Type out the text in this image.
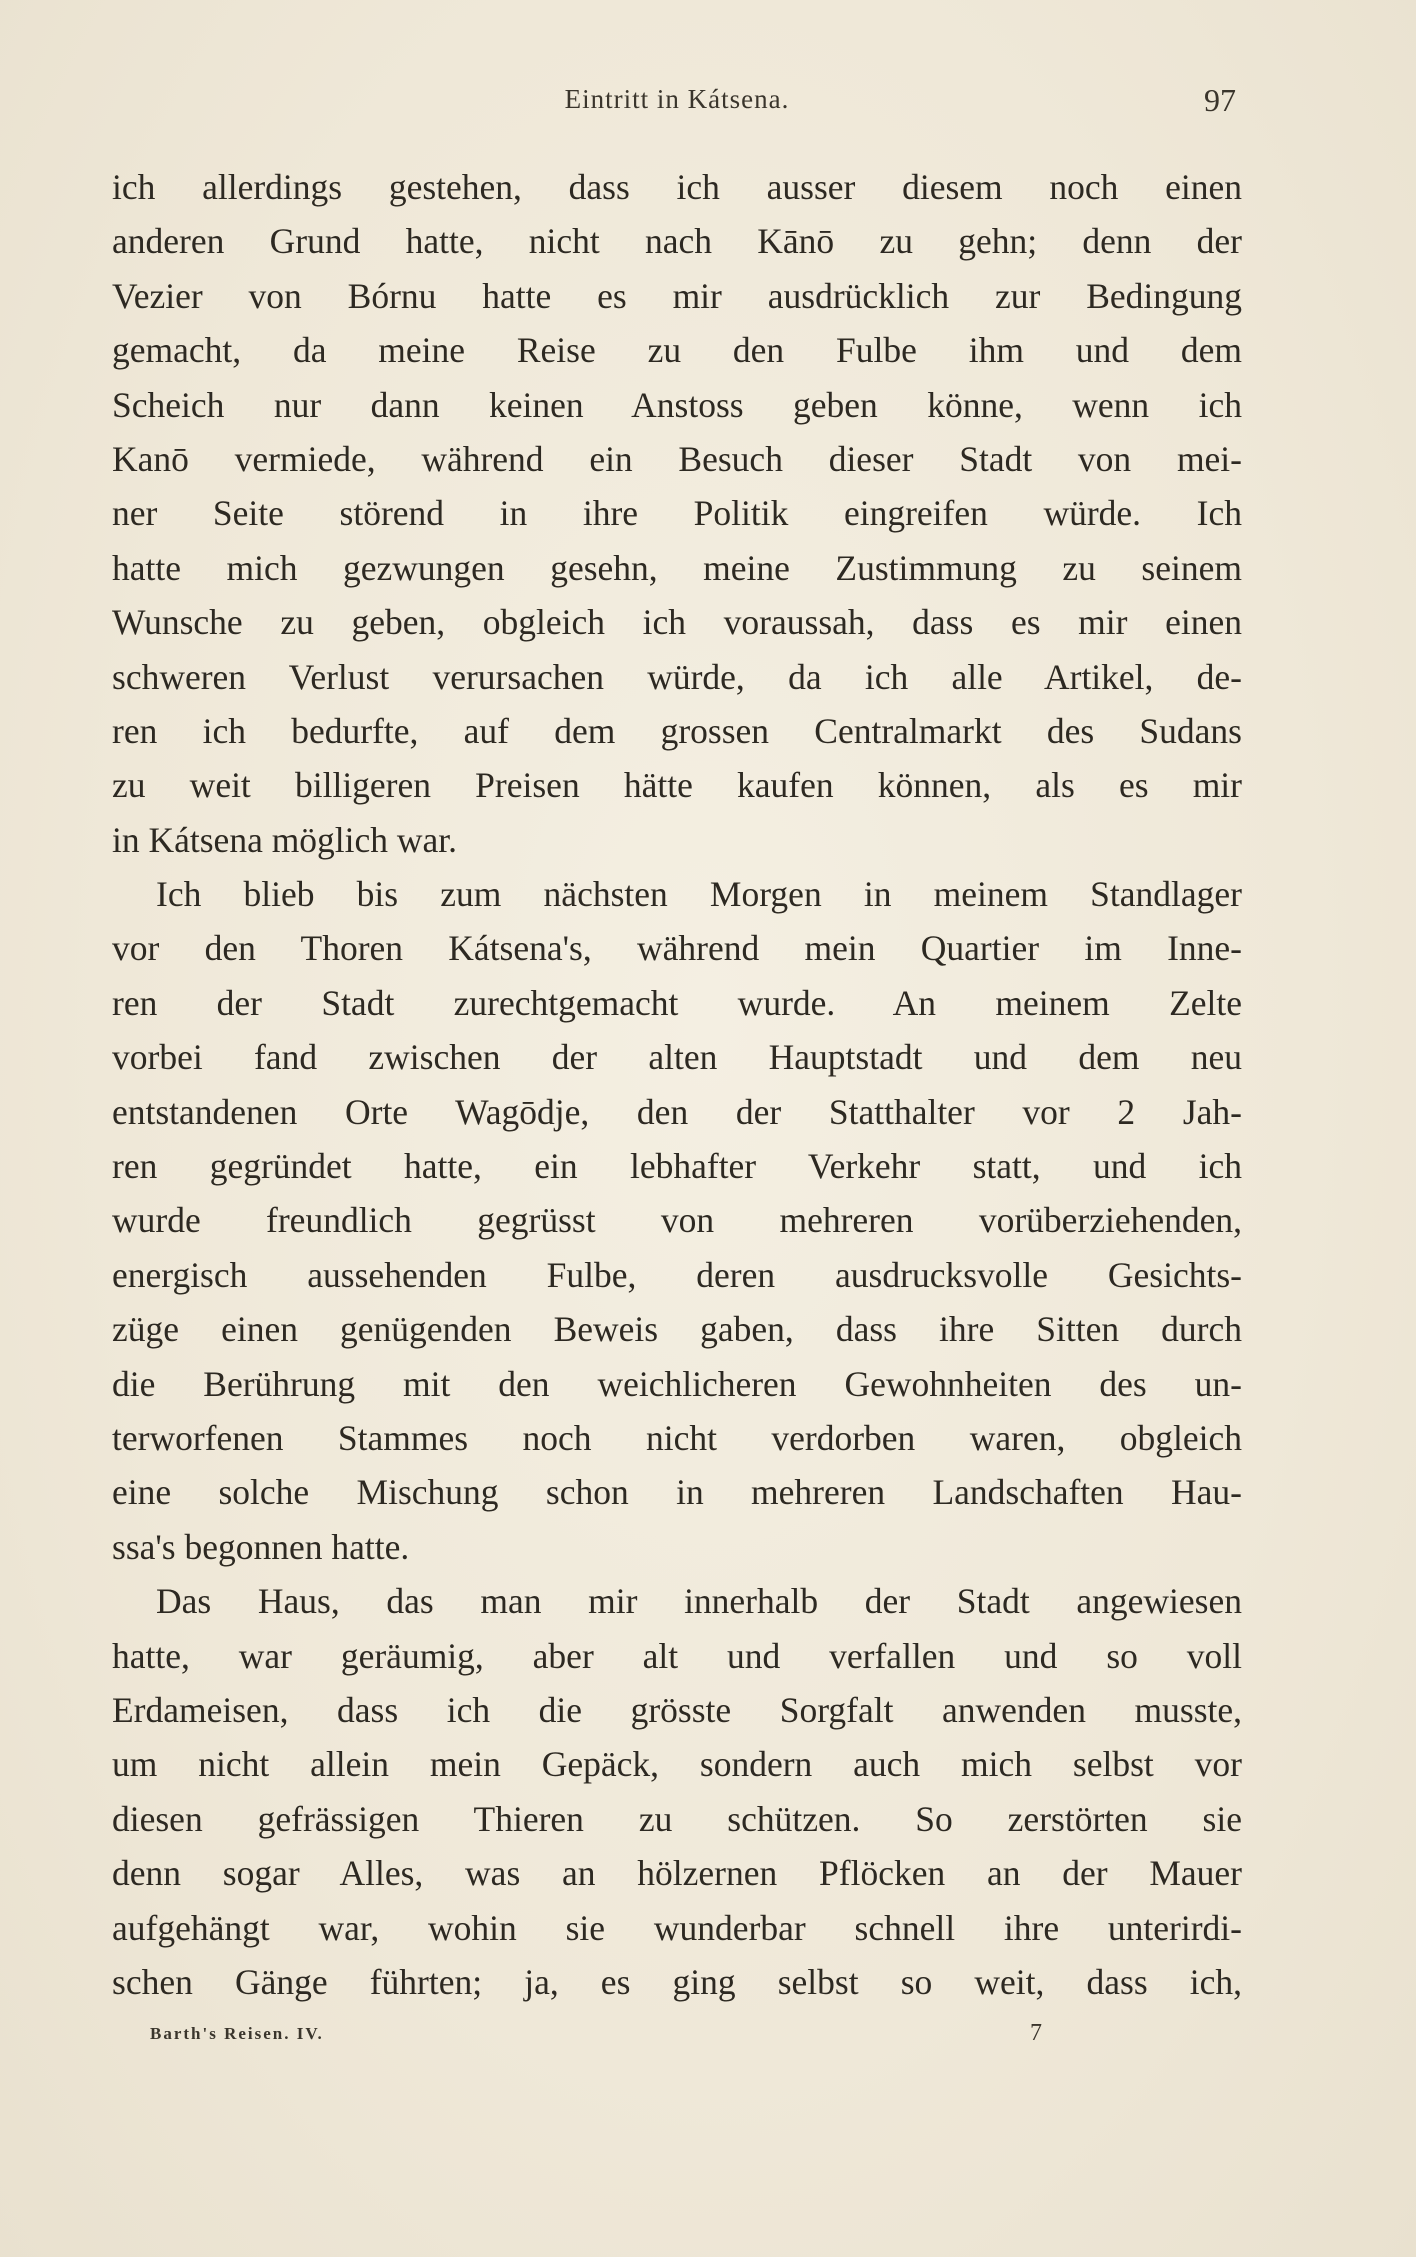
Eintritt in Kátsena.	97
ich allerdings gestehen, dass ich ausser diesem noch einen
anderen Grund hatte, nicht nach Kānō zu gehn; denn der
Vezier von Bórnu hatte es mir ausdrücklich zur Bedingung
gemacht, da meine Reise zu den Fulbe ihm und dem
Scheich nur dann keinen Anstoss geben könne, wenn ich
Kanō vermiede, während ein Besuch dieser Stadt von mei-
ner Seite störend in ihre Politik eingreifen würde. Ich
hatte mich gezwungen gesehn, meine Zustimmung zu seinem
Wunsche zu geben, obgleich ich voraussah, dass es mir einen
schweren Verlust verursachen würde, da ich alle Artikel, de-
ren ich bedurfte, auf dem grossen Centralmarkt des Sudans
zu weit billigeren Preisen hätte kaufen können, als es mir
in Kátsena möglich war.
Ich blieb bis zum nächsten Morgen in meinem Standlager
vor den Thoren Kátsena's, während mein Quartier im Inne-
ren der Stadt zurechtgemacht wurde. An meinem Zelte
vorbei fand zwischen der alten Hauptstadt und dem neu
entstandenen Orte Wagōdje, den der Statthalter vor 2 Jah-
ren gegründet hatte, ein lebhafter Verkehr statt, und ich
wurde freundlich gegrüsst von mehreren vorüberziehenden,
energisch aussehenden Fulbe, deren ausdrucksvolle Gesichts-
züge einen genügenden Beweis gaben, dass ihre Sitten durch
die Berührung mit den weichlicheren Gewohnheiten des un-
terworfenen Stammes noch nicht verdorben waren, obgleich
eine solche Mischung schon in mehreren Landschaften Hau-
ssa's begonnen hatte.
Das Haus, das man mir innerhalb der Stadt angewiesen
hatte, war geräumig, aber alt und verfallen und so voll
Erdameisen, dass ich die grösste Sorgfalt anwenden musste,
um nicht allein mein Gepäck, sondern auch mich selbst vor
diesen gefrässigen Thieren zu schützen. So zerstörten sie
denn sogar Alles, was an hölzernen Pflöcken an der Mauer
aufgehängt war, wohin sie wunderbar schnell ihre unterirdi-
schen Gänge führten; ja, es ging selbst so weit, dass ich,
Barth's Reisen. IV.	7
